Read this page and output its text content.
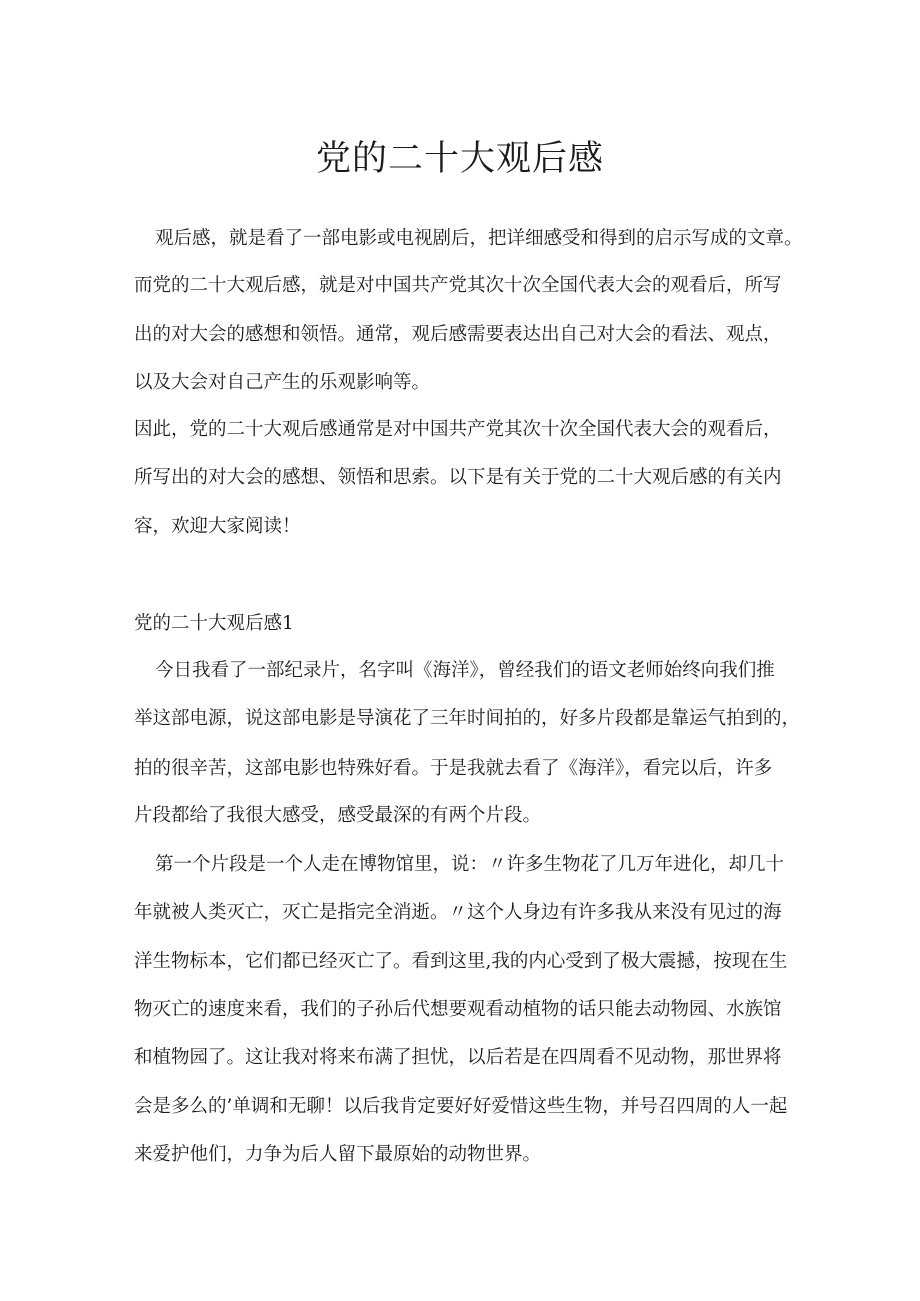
党的二十大观后感

观后感，就是看了一部电影或电视剧后，把详细感受和得到的启示写成的文章。

而党的二十大观后感，就是对中国共产党其次十次全国代表大会的观看后，所写

出的对大会的感想和领悟。通常，观后感需要表达出自己对大会的看法、观点，

以及大会对自己产生的乐观影响等。

因此，党的二十大观后感通常是对中国共产党其次十次全国代表大会的观看后，

所写出的对大会的感想、领悟和思索。以下是有关于党的二十大观后感的有关内

容，欢迎大家阅读！

党的二十大观后感1

今日我看了一部纪录片，名字叫《海洋》，曾经我们的语文老师始终向我们推

举这部电源，说这部电影是导演花了三年时间拍的，好多片段都是靠运气拍到的，

拍的很辛苦，这部电影也特殊好看。于是我就去看了《海洋》，看完以后，许多

片段都给了我很大感受，感受最深的有两个片段。

第一个片段是一个人走在博物馆里，说：〃许多生物花了几万年进化，却几十

年就被人类灭亡，灭亡是指完全消逝。〃这个人身边有许多我从来没有见过的海

洋生物标本，它们都已经灭亡了。看到这里,我的内心受到了极大震撼，按现在生

物灭亡的速度来看，我们的子孙后代想要观看动植物的话只能去动物园、水族馆

和植物园了。这让我对将来布满了担忧，以后若是在四周看不见动物，那世界将

会是多么的’单调和无聊！以后我肯定要好好爱惜这些生物，并号召四周的人一起

来爱护他们，力争为后人留下最原始的动物世界。
